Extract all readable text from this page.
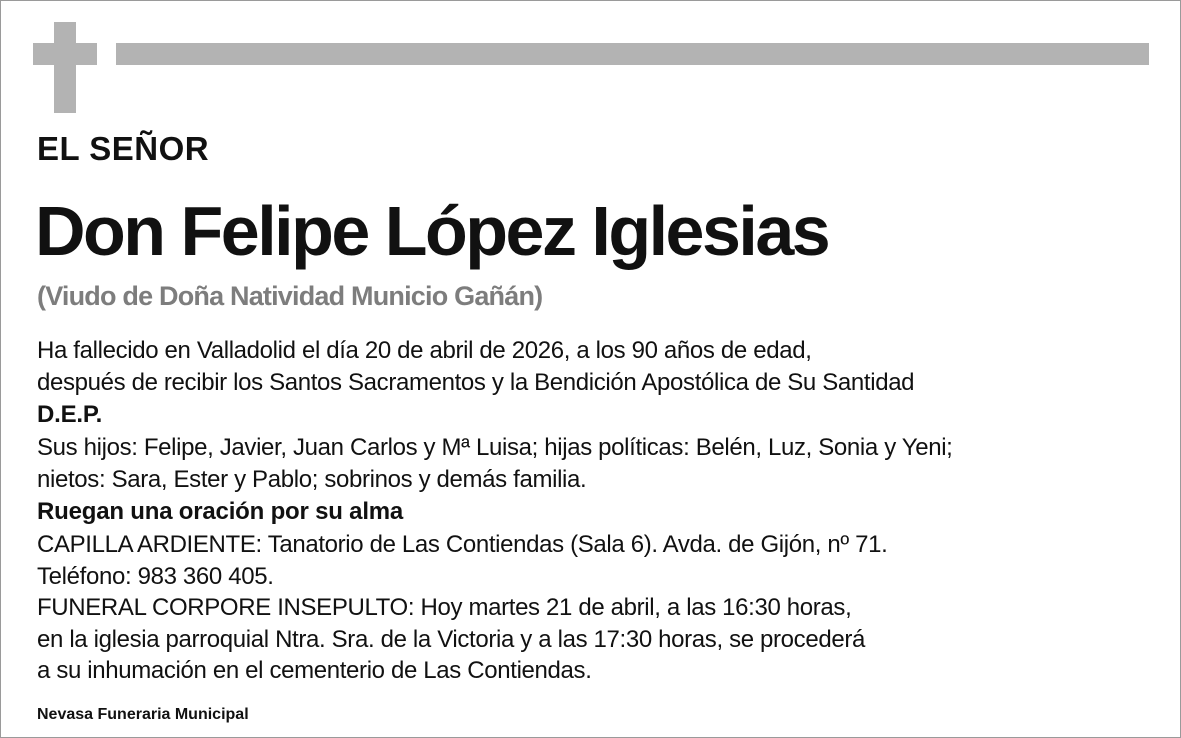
EL SEÑOR
Don Felipe López Iglesias
(Viudo de Doña Natividad Municio Gañán)
Ha fallecido en Valladolid el día 20 de abril de 2026, a los 90 años de edad,
después de recibir los Santos Sacramentos y la Bendición Apostólica de Su Santidad
D.E.P.
Sus hijos: Felipe, Javier, Juan Carlos y Mª Luisa; hijas políticas: Belén, Luz, Sonia y Yeni;
nietos: Sara, Ester y Pablo; sobrinos y demás familia.
Ruegan una oración por su alma
CAPILLA ARDIENTE: Tanatorio de Las Contiendas (Sala 6). Avda. de Gijón, nº 71.
Teléfono: 983 360 405.
FUNERAL CORPORE INSEPULTO: Hoy martes 21 de abril, a las 16:30 horas,
en la iglesia parroquial Ntra. Sra. de la Victoria y a las 17:30 horas, se procederá
a su inhumación en el cementerio de Las Contiendas.
Nevasa Funeraria Municipal
